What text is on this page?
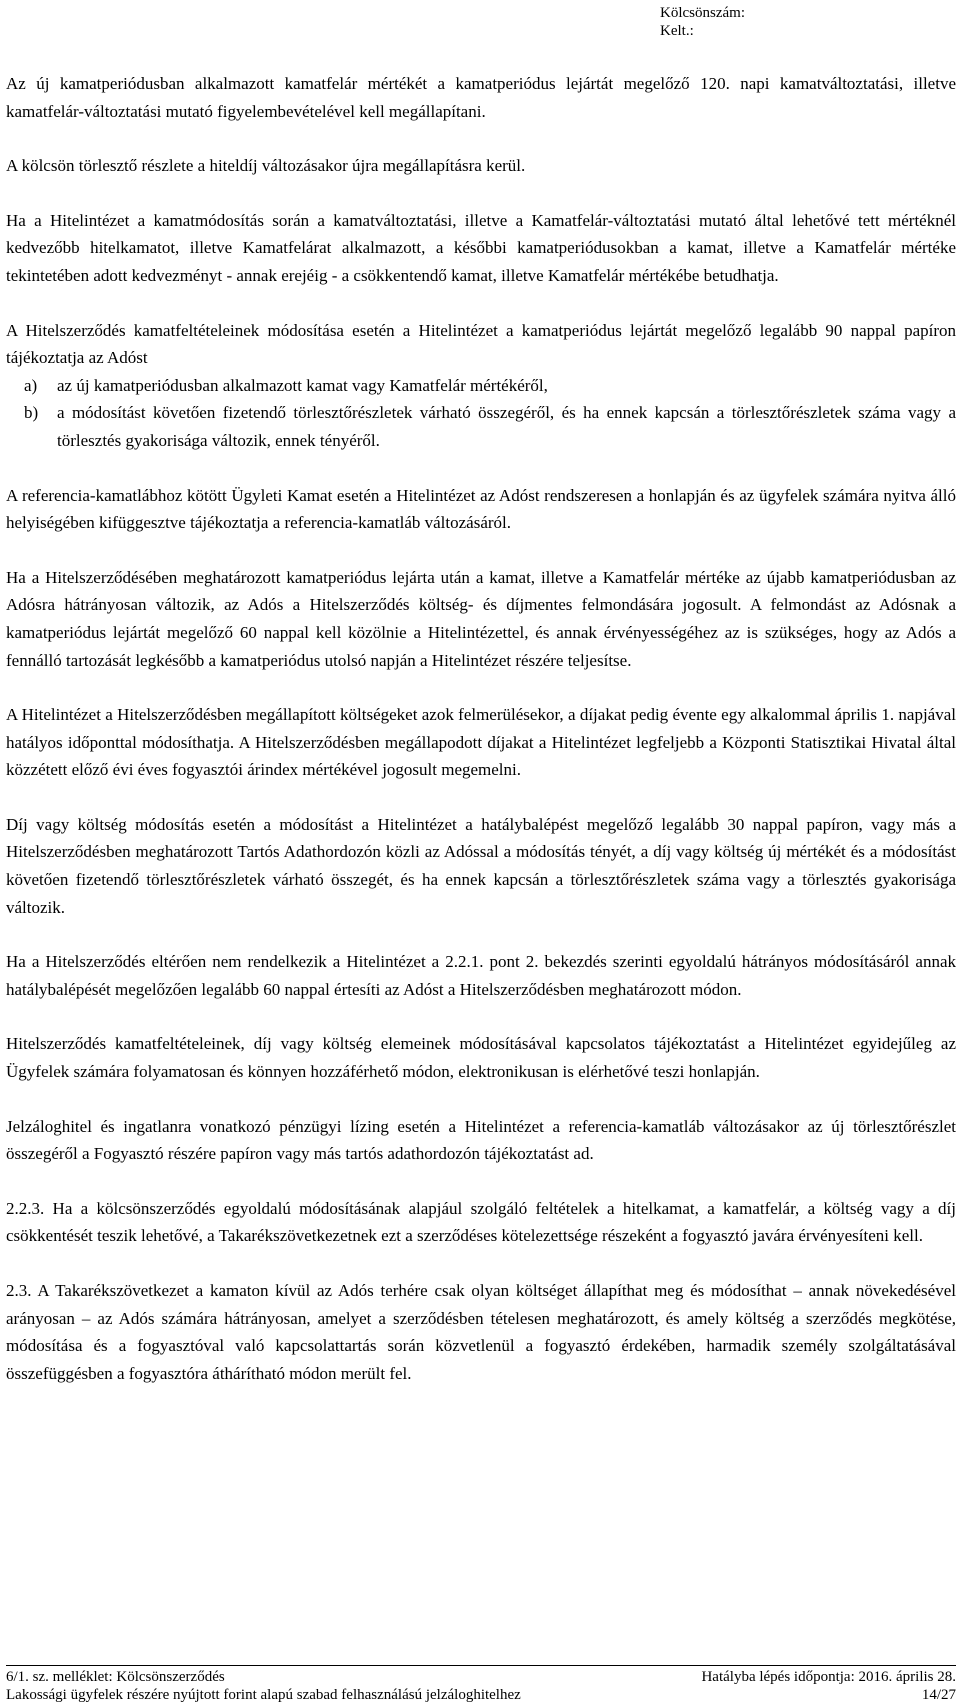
Kölcsönszám:
Kelt.:

Az új kamatperiódusban alkalmazott kamatfelár mértékét a kamatperiódus lejártát megelőző 120. napi kamatváltoztatási, illetve kamatfelár-változtatási mutató figyelembevételével kell megállapítani.

A kölcsön törlesztő részlete a hiteldíj változásakor újra megállapításra kerül.

Ha a Hitelintézet a kamatmódosítás során a kamatváltoztatási, illetve a Kamatfelár-változtatási mutató által lehetővé tett mértéknél kedvezőbb hitelkamatot, illetve Kamatfelárat alkalmazott, a későbbi kamatperiódusokban a kamat, illetve a Kamatfelár mértéke tekintetében adott kedvezményt - annak erejéig - a csökkentendő kamat, illetve Kamatfelár mértékébe betudhatja.

A Hitelszerződés kamatfeltételeinek módosítása esetén a Hitelintézet a kamatperiódus lejártát megelőző legalább 90 nappal papíron tájékoztatja az Adóst

a)	az új kamatperiódusban alkalmazott kamat vagy Kamatfelár mértékéről,
b)	a módosítást követően fizetendő törlesztőrészletek várható összegéről, és ha ennek kapcsán a törlesztőrészletek száma vagy a törlesztés gyakorisága változik, ennek tényéről.

A referencia-kamatlábhoz kötött Ügyleti Kamat esetén a Hitelintézet az Adóst rendszeresen a honlapján és az ügyfelek számára nyitva álló helyiségében kifüggesztve tájékoztatja a referencia-kamatláb változásáról.

Ha a Hitelszerződésében meghatározott kamatperiódus lejárta után a kamat, illetve a Kamatfelár mértéke az újabb kamatperiódusban az Adósra hátrányosan változik, az Adós a Hitelszerződés költség- és díjmentes felmondására jogosult. A felmondást az Adósnak a kamatperiódus lejártát megelőző 60 nappal kell közölnie a Hitelintézettel, és annak érvényességéhez az is szükséges, hogy az Adós a fennálló tartozását legkésőbb a kamatperiódus utolsó napján a Hitelintézet részére teljesítse.

A Hitelintézet a Hitelszerződésben megállapított költségeket azok felmerülésekor, a díjakat pedig évente egy alkalommal április 1. napjával hatályos időponttal módosíthatja. A Hitelszerződésben megállapodott díjakat a Hitelintézet legfeljebb a Központi Statisztikai Hivatal által közzétett előző évi éves fogyasztói árindex mértékével jogosult megemelni.

Díj vagy költség módosítás esetén a módosítást a Hitelintézet a hatálybalépést megelőző legalább 30 nappal papíron, vagy más a Hitelszerződésben meghatározott Tartós Adathordozón közli az Adóssal a módosítás tényét, a díj vagy költség új mértékét és a módosítást követően fizetendő törlesztőrészletek várható összegét, és ha ennek kapcsán a törlesztőrészletek száma vagy a törlesztés gyakorisága változik.

Ha a Hitelszerződés eltérően nem rendelkezik a Hitelintézet a 2.2.1. pont 2. bekezdés szerinti egyoldalú hátrányos módosításáról annak hatálybalépését megelőzően legalább 60 nappal értesíti az Adóst a Hitelszerződésben meghatározott módon.

Hitelszerződés kamatfeltételeinek, díj vagy költség elemeinek módosításával kapcsolatos tájékoztatást a Hitelintézet egyidejűleg az Ügyfelek számára folyamatosan és könnyen hozzáférhető módon, elektronikusan is elérhetővé teszi honlapján.

Jelzáloghitel és ingatlanra vonatkozó pénzügyi lízing esetén a Hitelintézet a referencia-kamatláb változásakor az új törlesztőrészlet összegéről a Fogyasztó részére papíron vagy más tartós adathordozón tájékoztatást ad.

2.2.3. Ha a kölcsönszerződés egyoldalú módosításának alapjául szolgáló feltételek a hitelkamat, a kamatfelár, a költség vagy a díj csökkentését teszik lehetővé, a Takarékszövetkezetnek ezt a szerződéses kötelezettsége részeként a fogyasztó javára érvényesíteni kell.

2.3. A Takarékszövetkezet a kamaton kívül az Adós terhére csak olyan költséget állapíthat meg és módosíthat – annak növekedésével arányosan – az Adós számára hátrányosan, amelyet a szerződésben tételesen meghatározott, és amely költség a szerződés megkötése, módosítása és a fogyasztóval való kapcsolattartás során közvetlenül a fogyasztó érdekében, harmadik személy szolgáltatásával összefüggésben a fogyasztóra áthárítható módon merült fel.

6/1. sz. melléklet: Kölcsönszerződés	Hatályba lépés időpontja: 2016. április 28.
Lakossági ügyfelek részére nyújtott forint alapú szabad felhasználású jelzáloghitelhez	14/27
